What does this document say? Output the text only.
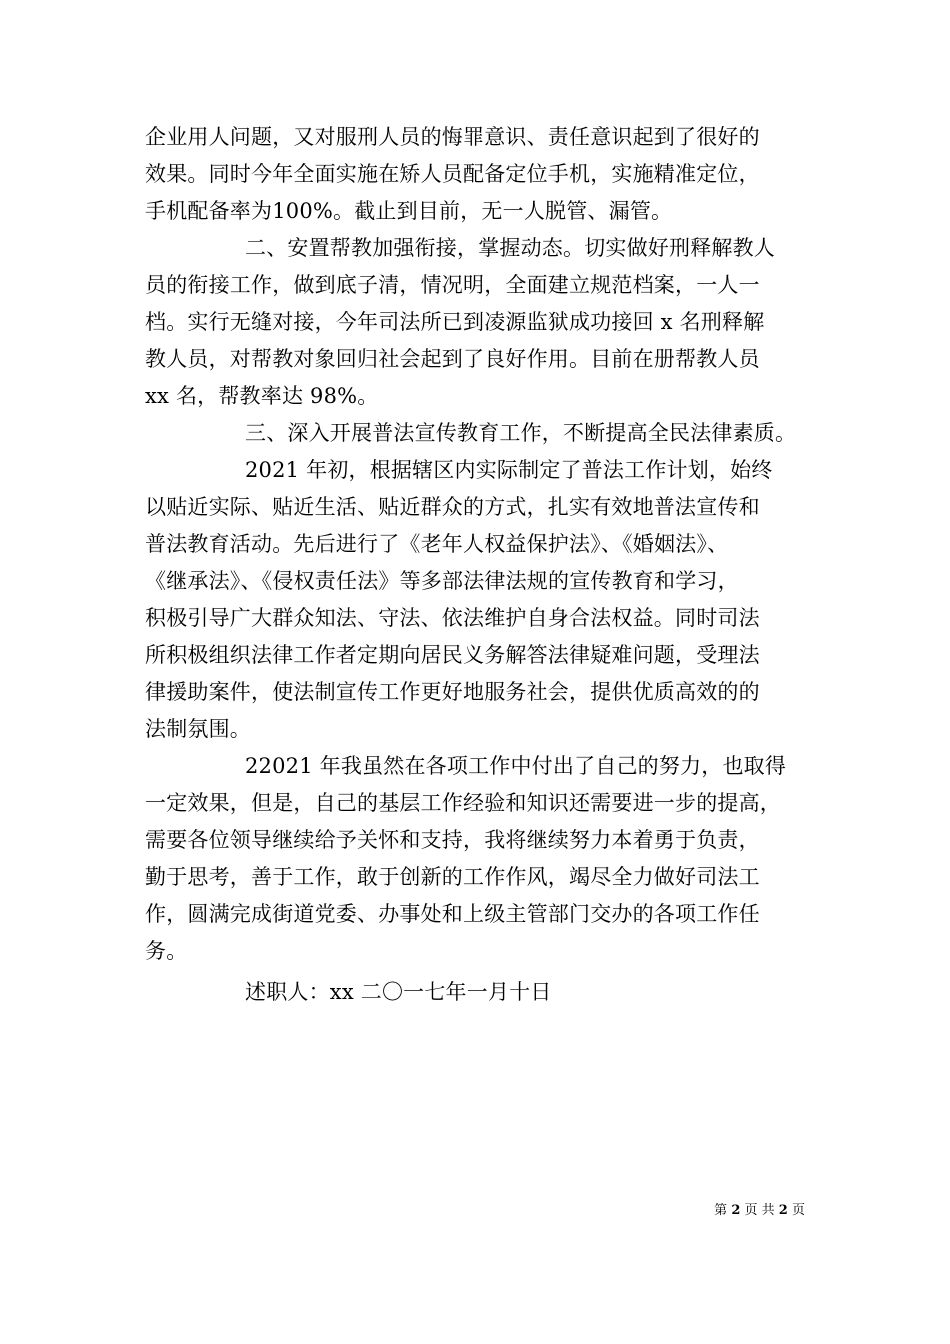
企业用人问题，又对服刑人员的悔罪意识、责任意识起到了很好的
效果。同时今年全面实施在矫人员配备定位手机，实施精准定位，
手机配备率为100%。截止到目前，无一人脱管、漏管。
二、安置帮教加强衔接，掌握动态。切实做好刑释解教人
员的衔接工作，做到底子清，情况明，全面建立规范档案，一人一
档。实行无缝对接，今年司法所已到凌源监狱成功接回 x 名刑释解
教人员，对帮教对象回归社会起到了良好作用。目前在册帮教人员
xx 名，帮教率达 98%。
三、深入开展普法宣传教育工作，不断提高全民法律素质。
2021 年初，根据辖区内实际制定了普法工作计划，始终
以贴近实际、贴近生活、贴近群众的方式，扎实有效地普法宣传和
普法教育活动。先后进行了《老年人权益保护法》、《婚姻法》、
《继承法》、《侵权责任法》等多部法律法规的宣传教育和学习，
积极引导广大群众知法、守法、依法维护自身合法权益。同时司法
所积极组织法律工作者定期向居民义务解答法律疑难问题，受理法
律援助案件，使法制宣传工作更好地服务社会，提供优质高效的的
法制氛围。
22021 年我虽然在各项工作中付出了自己的努力，也取得
一定效果，但是，自己的基层工作经验和知识还需要进一步的提高，
需要各位领导继续给予关怀和支持，我将继续努力本着勇于负责，
勤于思考，善于工作，敢于创新的工作作风，竭尽全力做好司法工
作，圆满完成街道党委、办事处和上级主管部门交办的各项工作任
务。
述职人：xx 二〇一七年一月十日
第 2 页 共 2 页
